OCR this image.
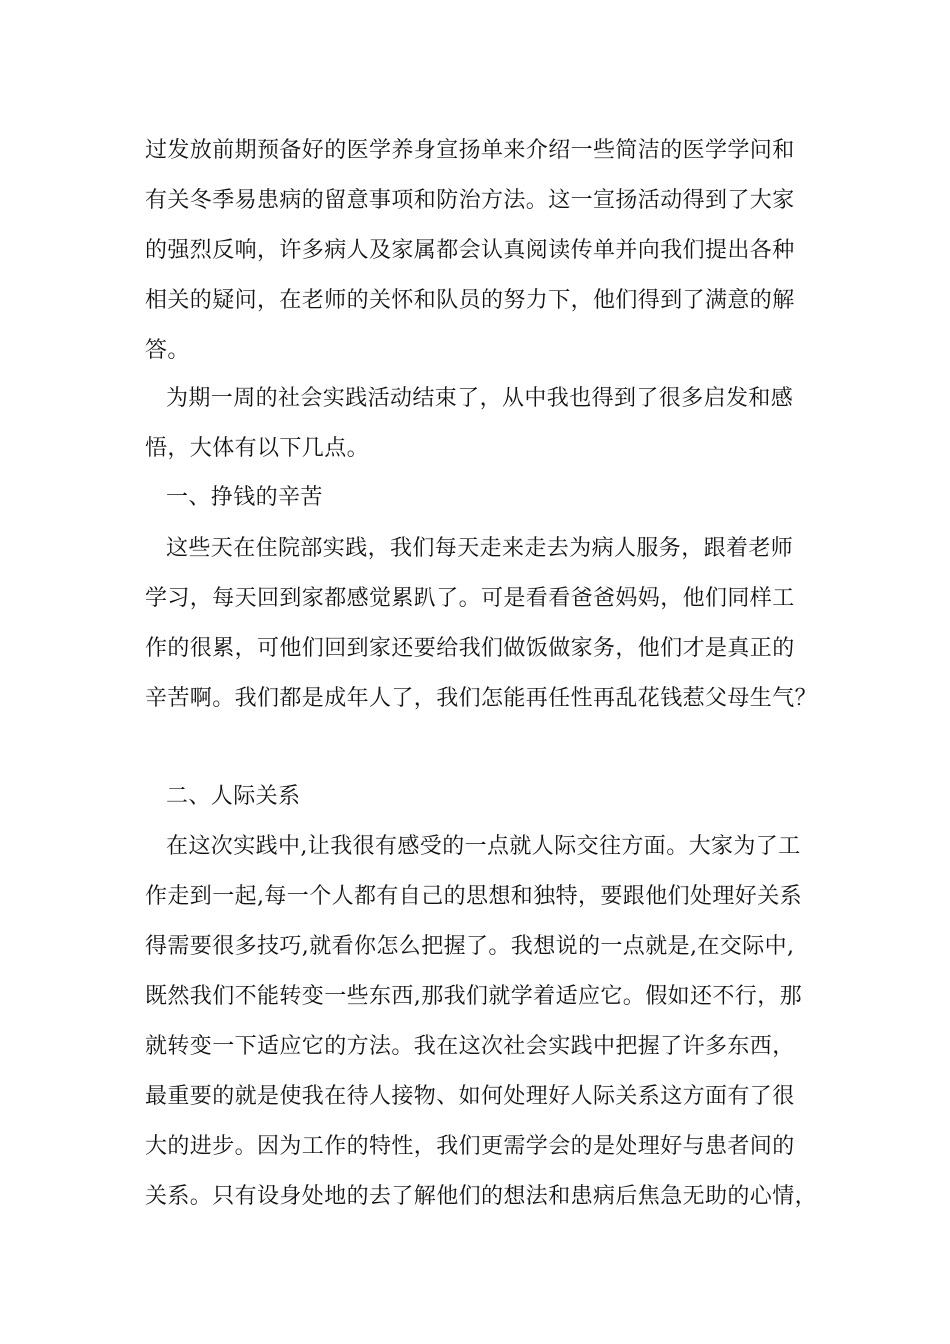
过发放前期预备好的医学养身宣扬单来介绍一些简洁的医学学问和
有关冬季易患病的留意事项和防治方法。这一宣扬活动得到了大家
的强烈反响，许多病人及家属都会认真阅读传单并向我们提出各种
相关的疑问，在老师的关怀和队员的努力下，他们得到了满意的解
答。
为期一周的社会实践活动结束了，从中我也得到了很多启发和感
悟，大体有以下几点。
一、挣钱的辛苦
这些天在住院部实践，我们每天走来走去为病人服务，跟着老师
学习，每天回到家都感觉累趴了。可是看看爸爸妈妈，他们同样工
作的很累，可他们回到家还要给我们做饭做家务，他们才是真正的
辛苦啊。我们都是成年人了，我们怎能再任性再乱花钱惹父母生气？
二、人际关系
在这次实践中,让我很有感受的一点就人际交往方面。大家为了工
作走到一起,每一个人都有自己的思想和独特，要跟他们处理好关系
得需要很多技巧,就看你怎么把握了。我想说的一点就是,在交际中,
既然我们不能转变一些东西,那我们就学着适应它。假如还不行，那
就转变一下适应它的方法。我在这次社会实践中把握了许多东西，
最重要的就是使我在待人接物、如何处理好人际关系这方面有了很
大的进步。因为工作的特性，我们更需学会的是处理好与患者间的
关系。只有设身处地的去了解他们的想法和患病后焦急无助的心情，
